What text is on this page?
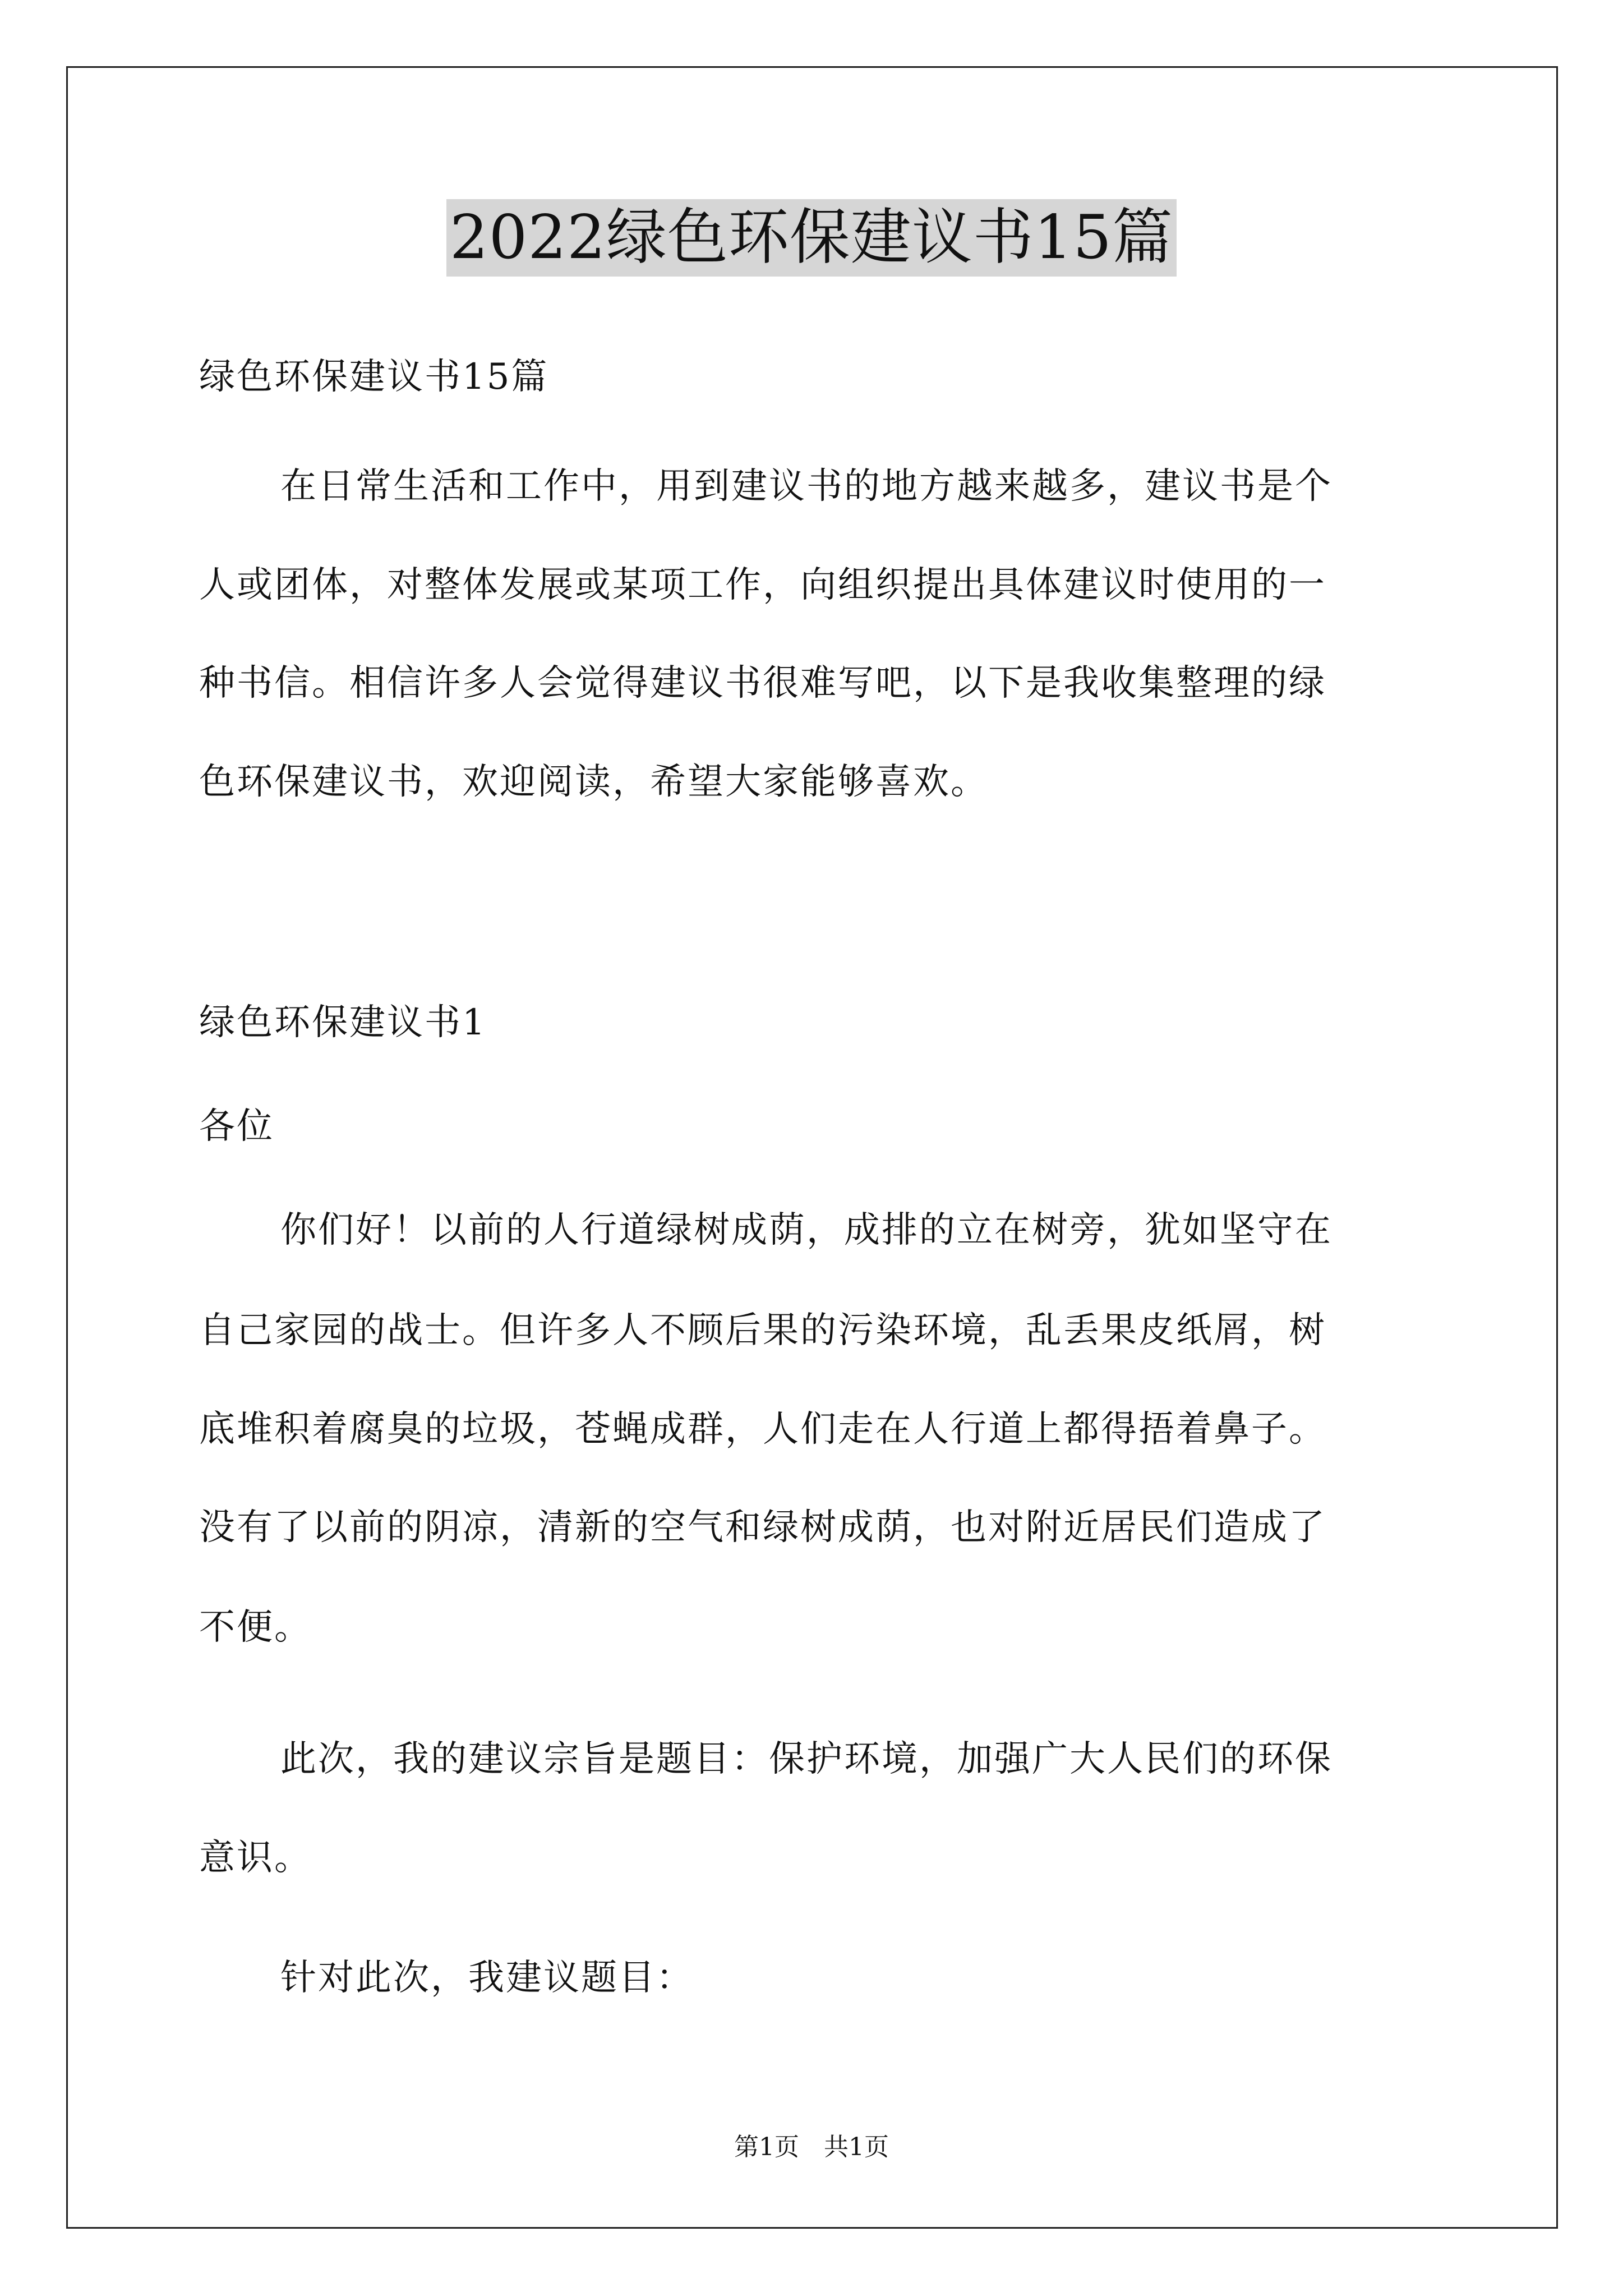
2022绿色环保建议书15篇
绿色环保建议书15篇
在日常生活和工作中，用到建议书的地方越来越多，建议书是个
人或团体，对整体发展或某项工作，向组织提出具体建议时使用的一
种书信。相信许多人会觉得建议书很难写吧，以下是我收集整理的绿
色环保建议书，欢迎阅读，希望大家能够喜欢。
绿色环保建议书1
各位
你们好！以前的人行道绿树成荫，成排的立在树旁，犹如坚守在
自己家园的战士。但许多人不顾后果的污染环境，乱丢果皮纸屑，树
底堆积着腐臭的垃圾，苍蝇成群，人们走在人行道上都得捂着鼻子。
没有了以前的阴凉，清新的空气和绿树成荫，也对附近居民们造成了
不便。
此次，我的建议宗旨是题目：保护环境，加强广大人民们的环保
意识。
针对此次，我建议题目：
第1页　共1页
